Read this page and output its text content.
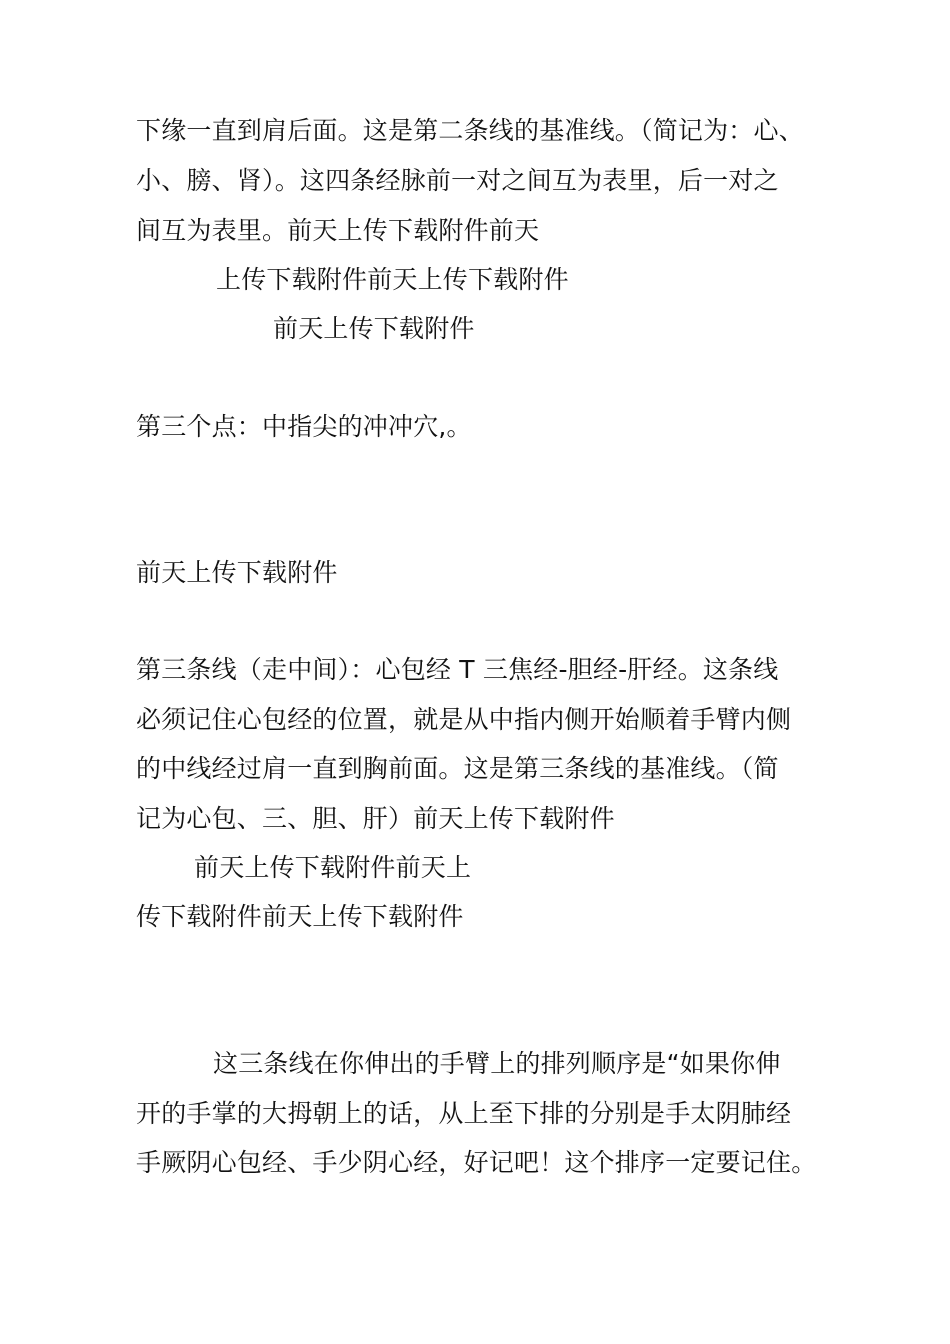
下缘一直到肩后面。这是第二条线的基准线。（简记为：心、
小、膀、肾）。这四条经脉前一对之间互为表里，后一对之
间互为表里。前天上传下载附件前天
上传下载附件前天上传下载附件
前天上传下载附件
第三个点：中指尖的冲冲穴,。
前天上传下载附件
第三条线（走中间）：心包经 T 三焦经-胆经-肝经。这条线
必须记住心包经的位置，就是从中指内侧开始顺着手臂内侧
的中线经过肩一直到胸前面。这是第三条线的基准线。（简
记为心包、三、胆、肝）前天上传下载附件
前天上传下载附件前天上
传下载附件前天上传下载附件
这三条线在你伸出的手臂上的排列顺序是“如果你伸
开的手掌的大拇朝上的话，从上至下排的分别是手太阴肺经
手厥阴心包经、手少阴心经，好记吧！这个排序一定要记住。
